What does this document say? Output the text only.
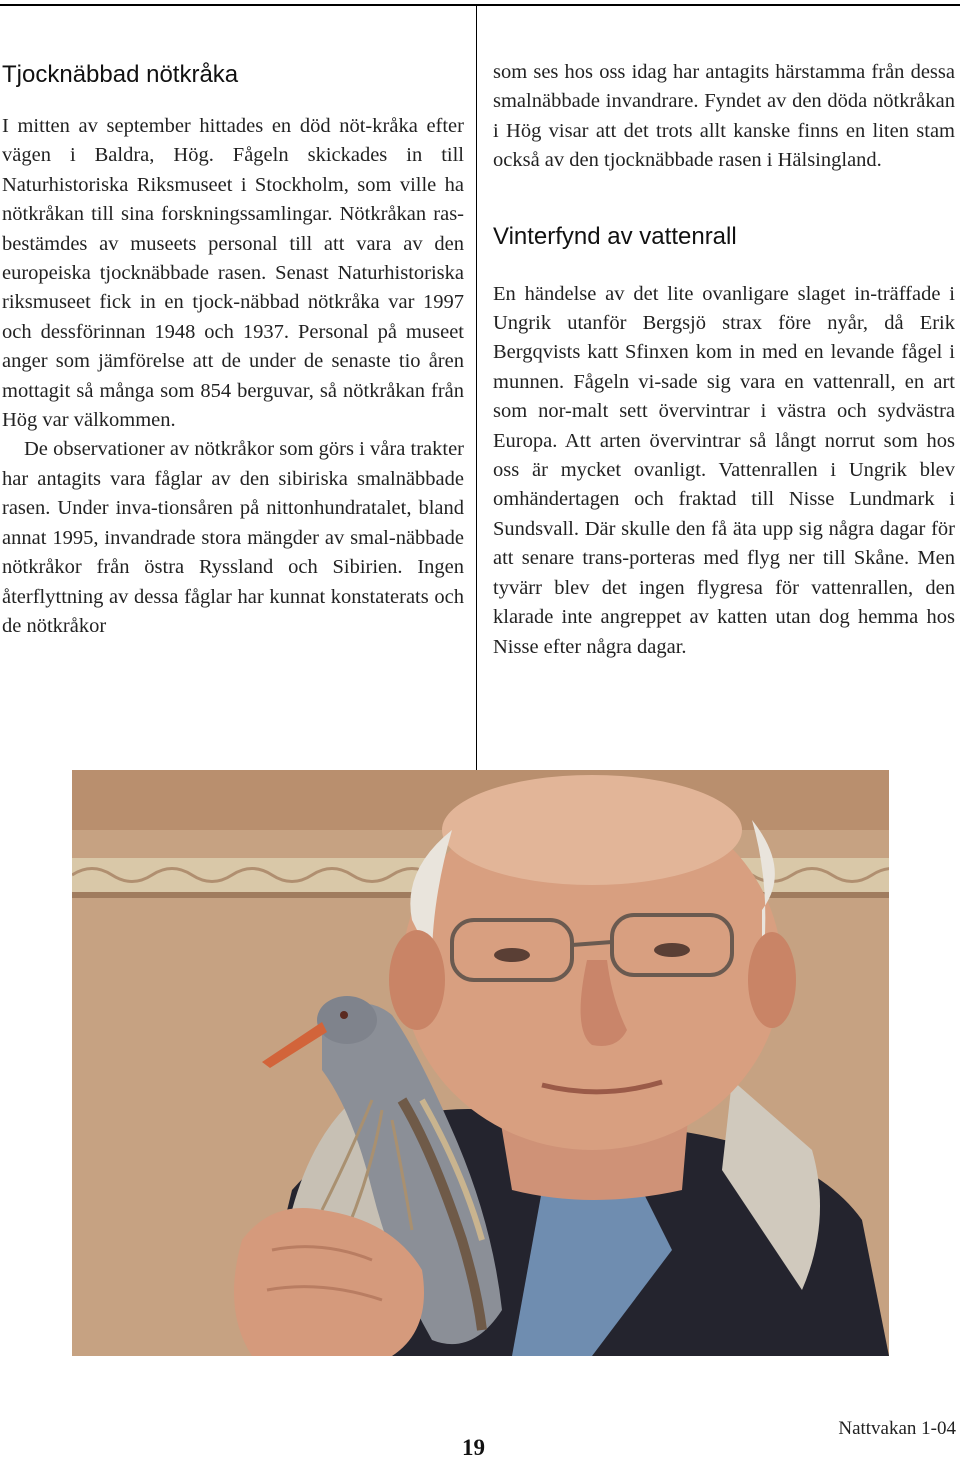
Tjocknäbbad nötkråka

I mitten av september hittades en död nöt-kråka efter vägen i Baldra, Hög. Fågeln skickades in till Naturhistoriska Riksmuseet i Stockholm, som ville ha nötkråkan till sina forskningssamlingar. Nötkråkan ras-bestämdes av museets personal till att vara av den europeiska tjocknäbbade rasen. Senast Naturhistoriska riksmuseet fick in en tjock-näbbad nötkråka var 1997 och dessförinnan 1948 och 1937. Personal på museet anger som jämförelse att de under de senaste tio åren mottagit så många som 854 berguvar, så nötkråkan från Hög var välkommen.

De observationer av nötkråkor som görs i våra trakter har antagits vara fåglar av den sibiriska smalnäbbade rasen. Under inva-tionsåren på nittonhundratalet, bland annat 1995, invandrade stora mängder av smal-näbbade nötkråkor från östra Ryssland och Sibirien. Ingen återflyttning av dessa fåglar har kunnat konstaterats och de nötkråkor

som ses hos oss idag har antagits härstamma från dessa smalnäbbade invandrare. Fyndet av den döda nötkråkan i Hög visar att det trots allt kanske finns en liten stam också av den tjocknäbbade rasen i Hälsingland.

Vinterfynd av vattenrall

En händelse av det lite ovanligare slaget in-träffade i Ungrik utanför Bergsjö strax före nyår, då Erik Bergqvists katt Sfinxen kom in med en levande fågel i munnen. Fågeln vi-sade sig vara en vattenrall, en art som nor-malt sett övervintrar i västra och sydvästra Europa. Att arten övervintrar så långt norrut som hos oss är mycket ovanligt. Vattenrallen i Ungrik blev omhändertagen och fraktad till Nisse Lundmark i Sundsvall. Där skulle den få äta upp sig några dagar för att senare trans-porteras med flyg ner till Skåne. Men tyvärr blev det ingen flygresa för vattenrallen, den klarade inte angreppet av katten utan dog hemma hos Nisse efter några dagar.

Nattvakan 1-04
19
